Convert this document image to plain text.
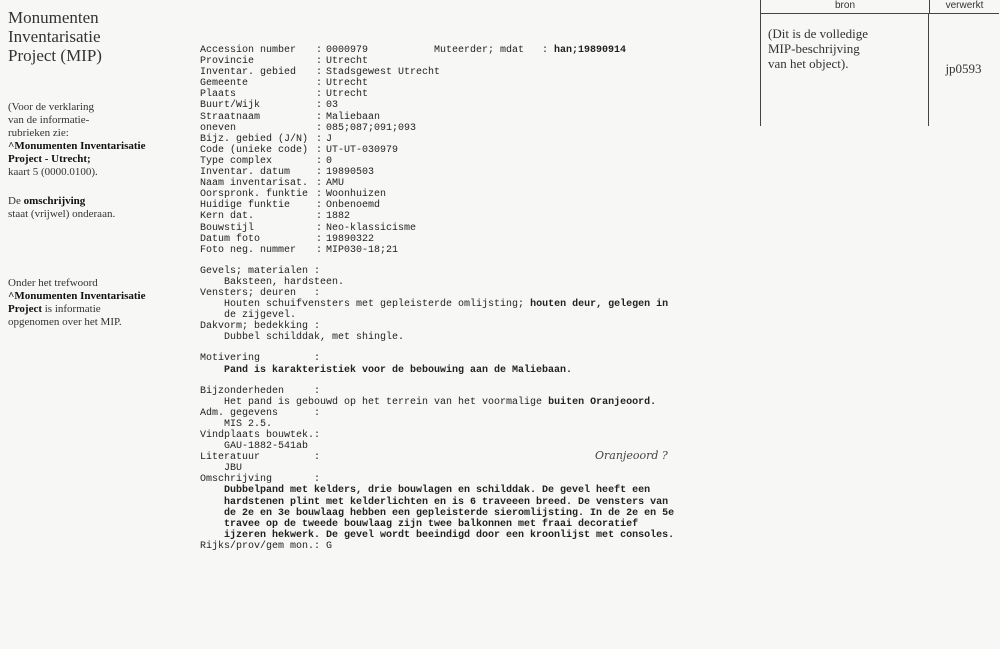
Monumenten
Inventarisatie
Project (MIP)
(Voor de verklaring
van de informatie-
rubrieken zie:
^Monumenten Inventarisatie
Project - Utrecht;
kaart 5 (0000.0100).
De omschrijving
staat (vrijwel) onderaan.
Onder het trefwoord
^Monumenten Inventarisatie
Project is informatie
opgenomen over het MIP.
Muteerder; mdat   : han;19890914
Accession number	: 0000979
Provincie	: Utrecht
Inventar. gebied	: Stadsgewest Utrecht
Gemeente	: Utrecht
Plaats	: Utrecht
Buurt/Wijk	: 03
Straatnaam	: Maliebaan
oneven	: 085;087;091;093
Bijz. gebied (J/N) : J
Code (unieke code) : UT-UT-030979
Type complex	: 0
Inventar. datum	: 19890503
Naam inventarisat. : AMU
Oorspronk. funktie : Woonhuizen
Huidige funktie	: Onbenoemd
Kern dat.	: 1882
Bouwstijl	: Neo-klassicisme
Datum foto	: 19890322
Foto neg. nummer	: MIP030-18;21
Gevels; materialen :
Baksteen, hardsteen.
Vensters; deuren   :
Houten schuifvensters met gepleisterde omlijsting; houten deur, gelegen in
de zijgevel.
Dakvorm; bedekking :
Dubbel schilddak, met shingle.
Motivering         :
Pand is karakteristiek voor de bebouwing aan de Maliebaan.
Bijzonderheden     :
Het pand is gebouwd op het terrein van het voormalige buiten Oranjeoord.
Adm. gegevens      :
MIS 2.5.
Vindplaats bouwtek.:
GAU-1882-541ab
Literatuur         :
JBU
Omschrijving       :
Dubbelpand met kelders, drie bouwlagen en schilddak. De gevel heeft een
hardstenen plint met kelderlichten en is 6 traveeen breed. De vensters van
de 2e en 3e bouwlaag hebben een gepleisterde sieromlijsting. In de 2e en 5e
travee op de tweede bouwlaag zijn twee balkonnen met fraai decoratief
ijzeren hekwerk. De gevel wordt beeindigd door een kroonlijst met consoles.
Rijks/prov/gem mon.: G
Oranjeoord ?
bron	verwerkt
(Dit is de volledige
MIP-beschrijving
van het object).	jp0593
